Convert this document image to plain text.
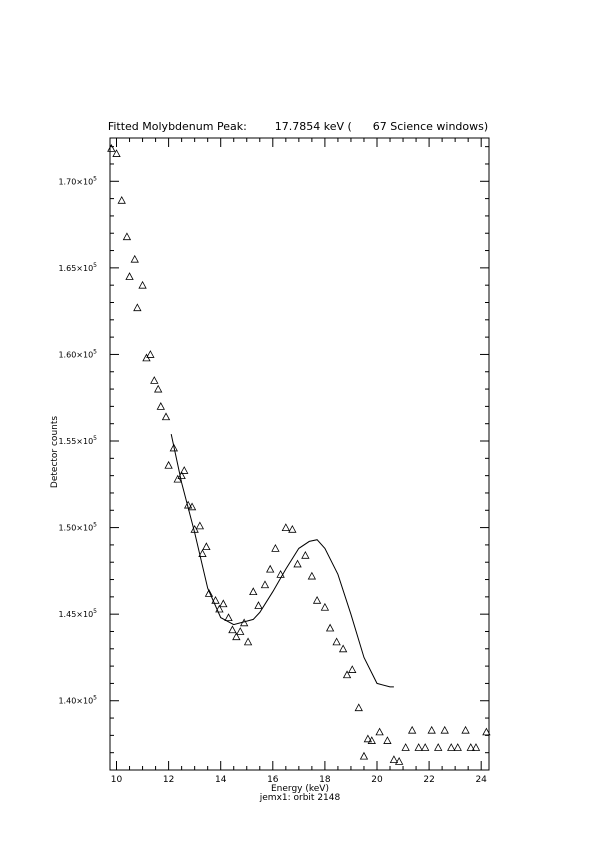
Fitted Molybdenum Peak:        17.7854 keV (      67 Science windows)
10	12	14	16	18	20	22	24
$1.40\times 10^5$
$1.45\times 10^5$
$1.50\times 10^5$
$1.55\times 10^5$
$1.60\times 10^5$
$1.65\times 10^5$
$1.70\times 10^5$
Energy (keV)
jemx1: orbit 2148
Detector counts
